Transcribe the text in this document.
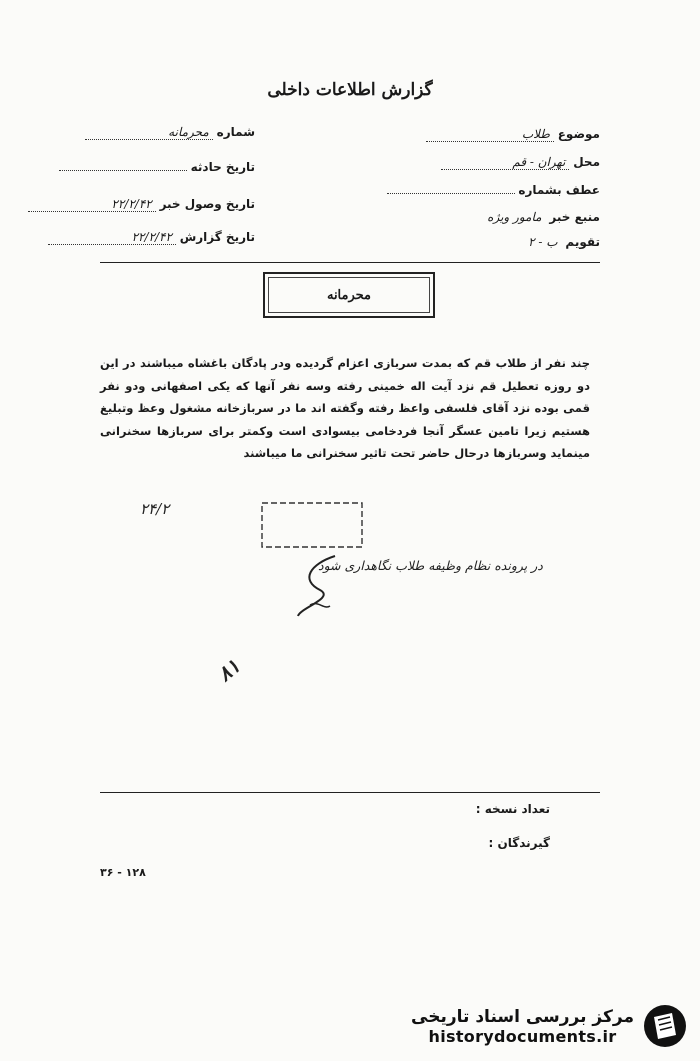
گزارش اطلاعات داخلی
شماره محرمانه
تاریخ حادثه
تاریخ وصول خبر ۲۲/۲/۴۲
تاریخ گزارش ۲۲/۲/۴۲
موضوع طلاب
محل تهران - قم
عطف بشماره
منبع خبر مامور ویژه
تقویم ب - ۲
محرمانه
چند نفر از طلاب قم که بمدت سربازی اعزام گردیده ودر پادگان باغشاه میباشند در این دو روزه تعطیل قم نزد آیت اله خمینی رفته وسه نفر آنها که یکی اصفهانی ودو نفر قمی بوده نزد آقای فلسفی واعظ رفته وگفته اند ما در سربازخانه مشغول وعظ وتبلیغ هستیم زیرا تامین عسگر آنجا فردخامی بیسوادی است وکمتر برای سربازها سخنرانی مینماید وسربازها درحال حاضر تحت تاثیر سخنرانی ما میباشند
۲۴/۲
در پرونده نظام وظیفه طلاب نگاهداری شود
۸۱
تعداد نسخه :
گیرندگان :
۱۲۸ - ۳۶
مرکز بررسی اسناد تاریخی
historydocuments.ir
